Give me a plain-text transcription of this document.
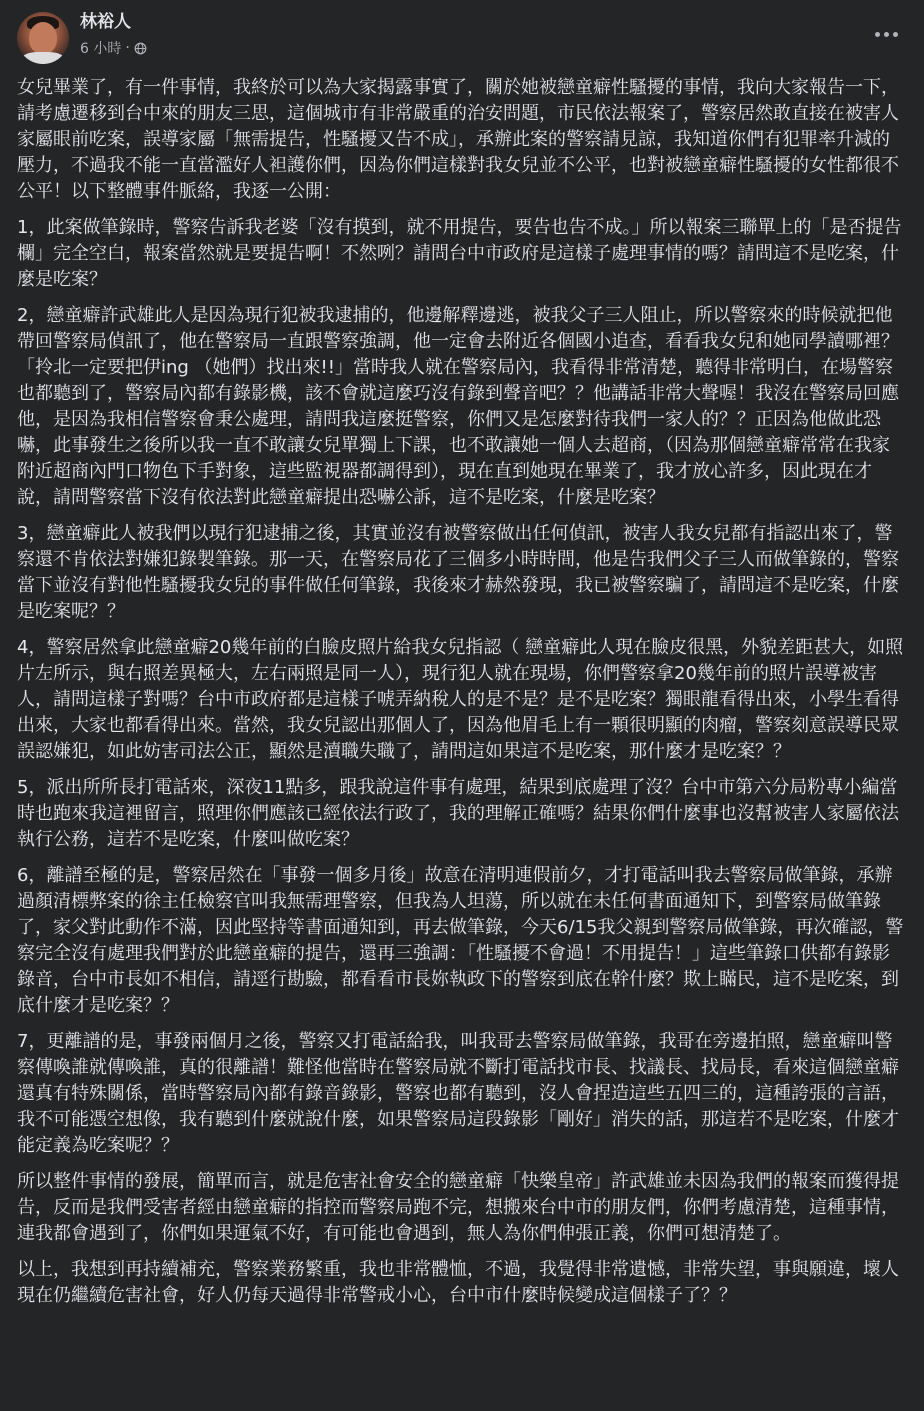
林裕人
6 小時 ·

女兒畢業了，有一件事情，我終於可以為大家揭露事實了，關於她被戀童癖性騷擾的事情，我向大家報告一下，請考慮遷移到台中來的朋友三思，這個城市有非常嚴重的治安問題，市民依法報案了，警察居然敢直接在被害人家屬眼前吃案，誤導家屬「無需提告，性騷擾又告不成」，承辦此案的警察請見諒，我知道你們有犯罪率升減的壓力，不過我不能一直當濫好人袒護你們，因為你們這樣對我女兒並不公平，也對被戀童癖性騷擾的女性都很不公平！以下整體事件脈絡，我逐一公開：

1，此案做筆錄時，警察告訴我老婆「沒有摸到，就不用提告，要告也告不成。」所以報案三聯單上的「是否提告欄」完全空白，報案當然就是要提告啊！不然咧？請問台中市政府是這樣子處理事情的嗎？請問這不是吃案，什麼是吃案？

2，戀童癖許武雄此人是因為現行犯被我逮捕的，他邊解釋邊逃，被我父子三人阻止，所以警察來的時候就把他帶回警察局偵訊了，他在警察局一直跟警察強調，他一定會去附近各個國小追查，看看我女兒和她同學讀哪裡？「拎北一定要把伊ing （她們）找出來!!」當時我人就在警察局內，我看得非常清楚，聽得非常明白，在場警察也都聽到了，警察局內都有錄影機，該不會就這麼巧沒有錄到聲音吧？？他講話非常大聲喔！我沒在警察局回應他，是因為我相信警察會秉公處理，請問我這麼挺警察，你們又是怎麼對待我們一家人的？？正因為他做此恐嚇，此事發生之後所以我一直不敢讓女兒單獨上下課，也不敢讓她一個人去超商，（因為那個戀童癖常常在我家附近超商內門口物色下手對象，這些監視器都調得到），現在直到她現在畢業了，我才放心許多，因此現在才說，請問警察當下沒有依法對此戀童癖提出恐嚇公訴，這不是吃案，什麼是吃案？

3，戀童癖此人被我們以現行犯逮捕之後，其實並沒有被警察做出任何偵訊，被害人我女兒都有指認出來了，警察還不肯依法對嫌犯錄製筆錄。那一天，在警察局花了三個多小時時間，他是告我們父子三人而做筆錄的，警察當下並沒有對他性騷擾我女兒的事件做任何筆錄，我後來才赫然發現，我已被警察騙了，請問這不是吃案，什麼是吃案呢？？

4，警察居然拿此戀童癖20幾年前的白臉皮照片給我女兒指認（ 戀童癖此人現在臉皮很黑，外貌差距甚大，如照片左所示，與右照差異極大，左右兩照是同一人），現行犯人就在現場，你們警察拿20幾年前的照片誤導被害人，請問這樣子對嗎？台中市政府都是這樣子唬弄納稅人的是不是？是不是吃案？獨眼龍看得出來，小學生看得出來，大家也都看得出來。當然，我女兒認出那個人了，因為他眉毛上有一顆很明顯的肉瘤，警察刻意誤導民眾誤認嫌犯，如此妨害司法公正，顯然是瀆職失職了，請問這如果這不是吃案，那什麼才是吃案？？

5，派出所所長打電話來，深夜11點多，跟我說這件事有處理，結果到底處理了沒？台中市第六分局粉專小編當時也跑來我這裡留言，照理你們應該已經依法行政了，我的理解正確嗎？結果你們什麼事也沒幫被害人家屬依法執行公務，這若不是吃案，什麼叫做吃案？

6，離譜至極的是，警察居然在「事發一個多月後」故意在清明連假前夕，才打電話叫我去警察局做筆錄，承辦過顏清標弊案的徐主任檢察官叫我無需理警察，但我為人坦蕩，所以就在未任何書面通知下，到警察局做筆錄了，家父對此動作不滿，因此堅持等書面通知到，再去做筆錄，今天6/15我父親到警察局做筆錄，再次確認，警察完全沒有處理我們對於此戀童癖的提告，還再三強調：「性騷擾不會過！不用提告！」這些筆錄口供都有錄影錄音，台中市長如不相信，請逕行勘驗，都看看市長妳執政下的警察到底在幹什麼？欺上瞞民，這不是吃案，到底什麼才是吃案？？

7，更離譜的是，事發兩個月之後，警察又打電話給我，叫我哥去警察局做筆錄，我哥在旁邊拍照，戀童癖叫警察傳喚誰就傳喚誰，真的很離譜！難怪他當時在警察局就不斷打電話找市長、找議長、找局長，看來這個戀童癖還真有特殊關係，當時警察局內都有錄音錄影，警察也都有聽到，沒人會捏造這些五四三的，這種誇張的言語，我不可能憑空想像，我有聽到什麼就說什麼，如果警察局這段錄影「剛好」消失的話，那這若不是吃案，什麼才能定義為吃案呢？？

所以整件事情的發展，簡單而言，就是危害社會安全的戀童癖「快樂皇帝」許武雄並未因為我們的報案而獲得提告，反而是我們受害者經由戀童癖的指控而警察局跑不完，想搬來台中市的朋友們，你們考慮清楚，這種事情，連我都會遇到了，你們如果運氣不好，有可能也會遇到，無人為你們伸張正義，你們可想清楚了。

以上，我想到再持續補充，警察業務繁重，我也非常體恤，不過，我覺得非常遺憾，非常失望，事與願違，壞人現在仍繼續危害社會，好人仍每天過得非常警戒小心，台中市什麼時候變成這個樣子了？？
